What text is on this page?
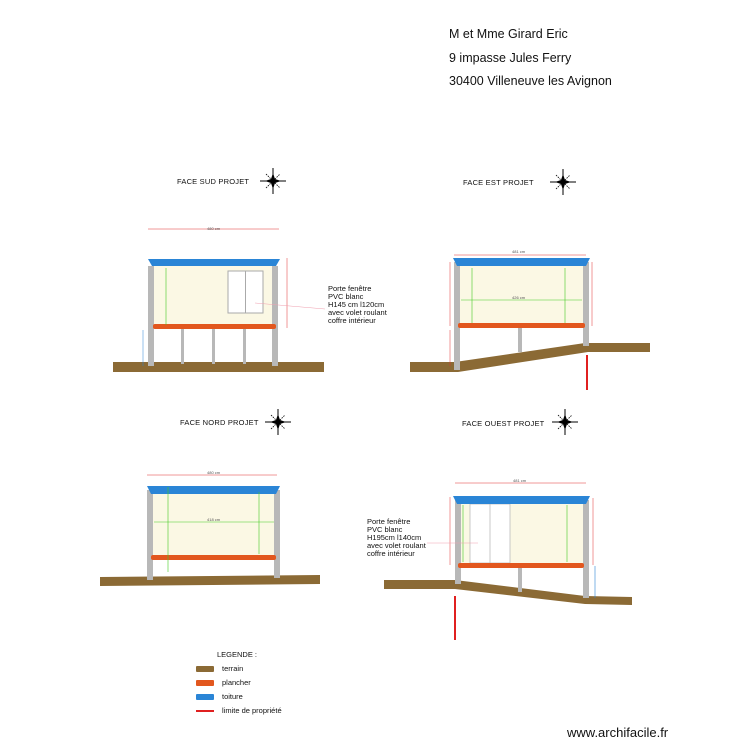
M et Mme Girard Eric
9 impasse Jules Ferry
30400 Villeneuve les Avignon
FACE SUD PROJET	FACE EST PROJET
FACE NORD PROJET	FACE OUEST PROJET
Porte fenêtre
PVC blanc
H145 cm l120cm
avec volet roulant
coffre intérieur
Porte fenêtre
PVC blanc
H195cm l140cm
avec volet roulant
coffre intérieur
480 cm
481 cm
426 cm
480 cm
418 cm
481 cm
LEGENDE :
terrain
plancher
toiture
limite de propriété
www.archifacile.fr
